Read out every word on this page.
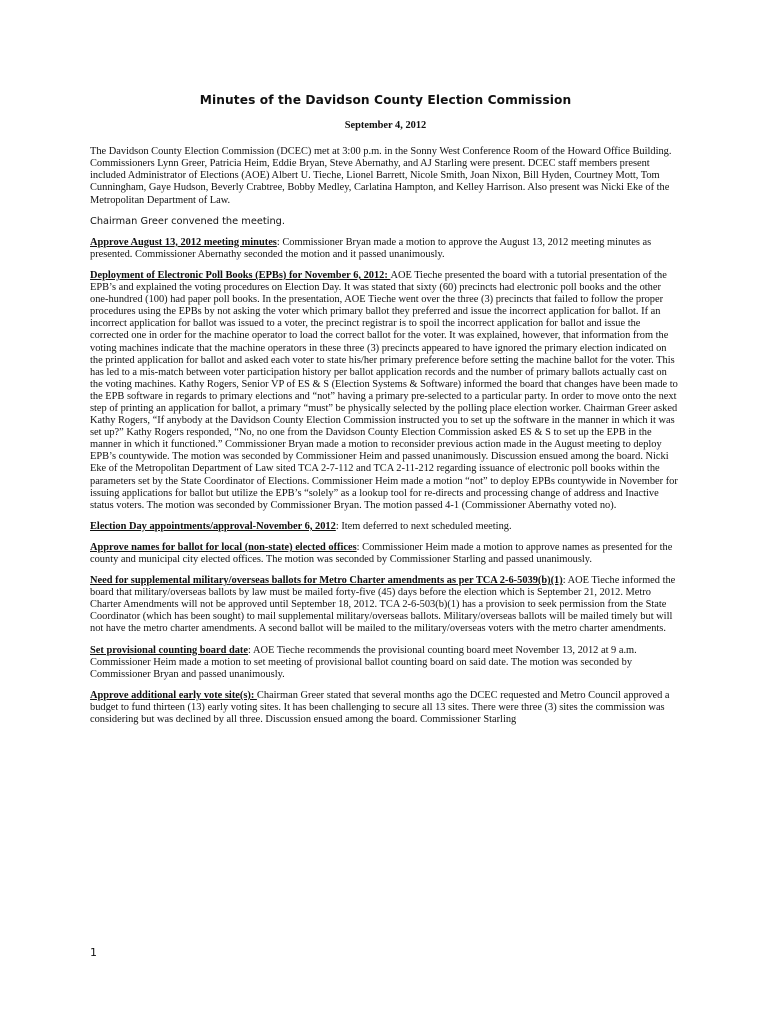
Minutes of the Davidson County Election Commission
September 4, 2012

The Davidson County Election Commission (DCEC) met at 3:00 p.m. in the Sonny West Conference Room of the Howard Office Building. Commissioners Lynn Greer, Patricia Heim, Eddie Bryan, Steve Abernathy, and AJ Starling were present. DCEC staff members present included Administrator of Elections (AOE) Albert U. Tieche, Lionel Barrett, Nicole Smith, Joan Nixon, Bill Hyden, Courtney Mott, Tom Cunningham, Gaye Hudson, Beverly Crabtree, Bobby Medley, Carlatina Hampton, and Kelley Harrison. Also present was Nicki Eke of the Metropolitan Department of Law.

Chairman Greer convened the meeting.

Approve August 13, 2012 meeting minutes: Commissioner Bryan made a motion to approve the August 13, 2012 meeting minutes as presented. Commissioner Abernathy seconded the motion and it passed unanimously.

Deployment of Electronic Poll Books (EPBs) for November 6, 2012: AOE Tieche presented the board with a tutorial presentation of the EPB’s and explained the voting procedures on Election Day. It was stated that sixty (60) precincts had electronic poll books and the other one-hundred (100) had paper poll books. In the presentation, AOE Tieche went over the three (3) precincts that failed to follow the proper procedures using the EPBs by not asking the voter which primary ballot they preferred and issue the incorrect application for ballot. If an incorrect application for ballot was issued to a voter, the precinct registrar is to spoil the incorrect application for ballot and issue the corrected one in order for the machine operator to load the correct ballot for the voter. It was explained, however, that information from the voting machines indicate that the machine operators in these three (3) precincts appeared to have ignored the primary election indicated on the printed application for ballot and asked each voter to state his/her primary preference before setting the machine ballot for the voter. This has led to a mis-match between voter participation history per ballot application records and the number of primary ballots actually cast on the voting machines. Kathy Rogers, Senior VP of ES & S (Election Systems & Software) informed the board that changes have been made to the EPB software in regards to primary elections and “not” having a primary pre-selected to a particular party. In order to move onto the next step of printing an application for ballot, a primary “must” be physically selected by the polling place election worker. Chairman Greer asked Kathy Rogers, “If anybody at the Davidson County Election Commission instructed you to set up the software in the manner in which it was set up?” Kathy Rogers responded, “No, no one from the Davidson County Election Commission asked ES & S to set up the EPB in the manner in which it functioned.” Commissioner Bryan made a motion to reconsider previous action made in the August meeting to deploy EPB’s countywide. The motion was seconded by Commissioner Heim and passed unanimously. Discussion ensued among the board. Nicki Eke of the Metropolitan Department of Law sited TCA 2-7-112 and TCA 2-11-212 regarding issuance of electronic poll books within the parameters set by the State Coordinator of Elections. Commissioner Heim made a motion “not” to deploy EPBs countywide in November for issuing applications for ballot but utilize the EPB’s “solely” as a lookup tool for re-directs and processing change of address and Inactive status voters. The motion was seconded by Commissioner Bryan. The motion passed 4-1 (Commissioner Abernathy voted no).

Election Day appointments/approval-November 6, 2012: Item deferred to next scheduled meeting.

Approve names for ballot for local (non-state) elected offices: Commissioner Heim made a motion to approve names as presented for the county and municipal city elected offices. The motion was seconded by Commissioner Starling and passed unanimously.

Need for supplemental military/overseas ballots for Metro Charter amendments as per TCA 2-6-5039(b)(1): AOE Tieche informed the board that military/overseas ballots by law must be mailed forty-five (45) days before the election which is September 21, 2012. Metro Charter Amendments will not be approved until September 18, 2012. TCA 2-6-503(b)(1) has a provision to seek permission from the State Coordinator (which has been sought) to mail supplemental military/overseas ballots. Military/overseas ballots will be mailed timely but will not have the metro charter amendments. A second ballot will be mailed to the military/overseas voters with the metro charter amendments.

Set provisional counting board date: AOE Tieche recommends the provisional counting board meet November 13, 2012 at 9 a.m. Commissioner Heim made a motion to set meeting of provisional ballot counting board on said date. The motion was seconded by Commissioner Bryan and passed unanimously.

Approve additional early vote site(s): Chairman Greer stated that several months ago the DCEC requested and Metro Council approved a budget to fund thirteen (13) early voting sites. It has been challenging to secure all 13 sites. There were three (3) sites the commission was considering but was declined by all three. Discussion ensued among the board. Commissioner Starling

1
